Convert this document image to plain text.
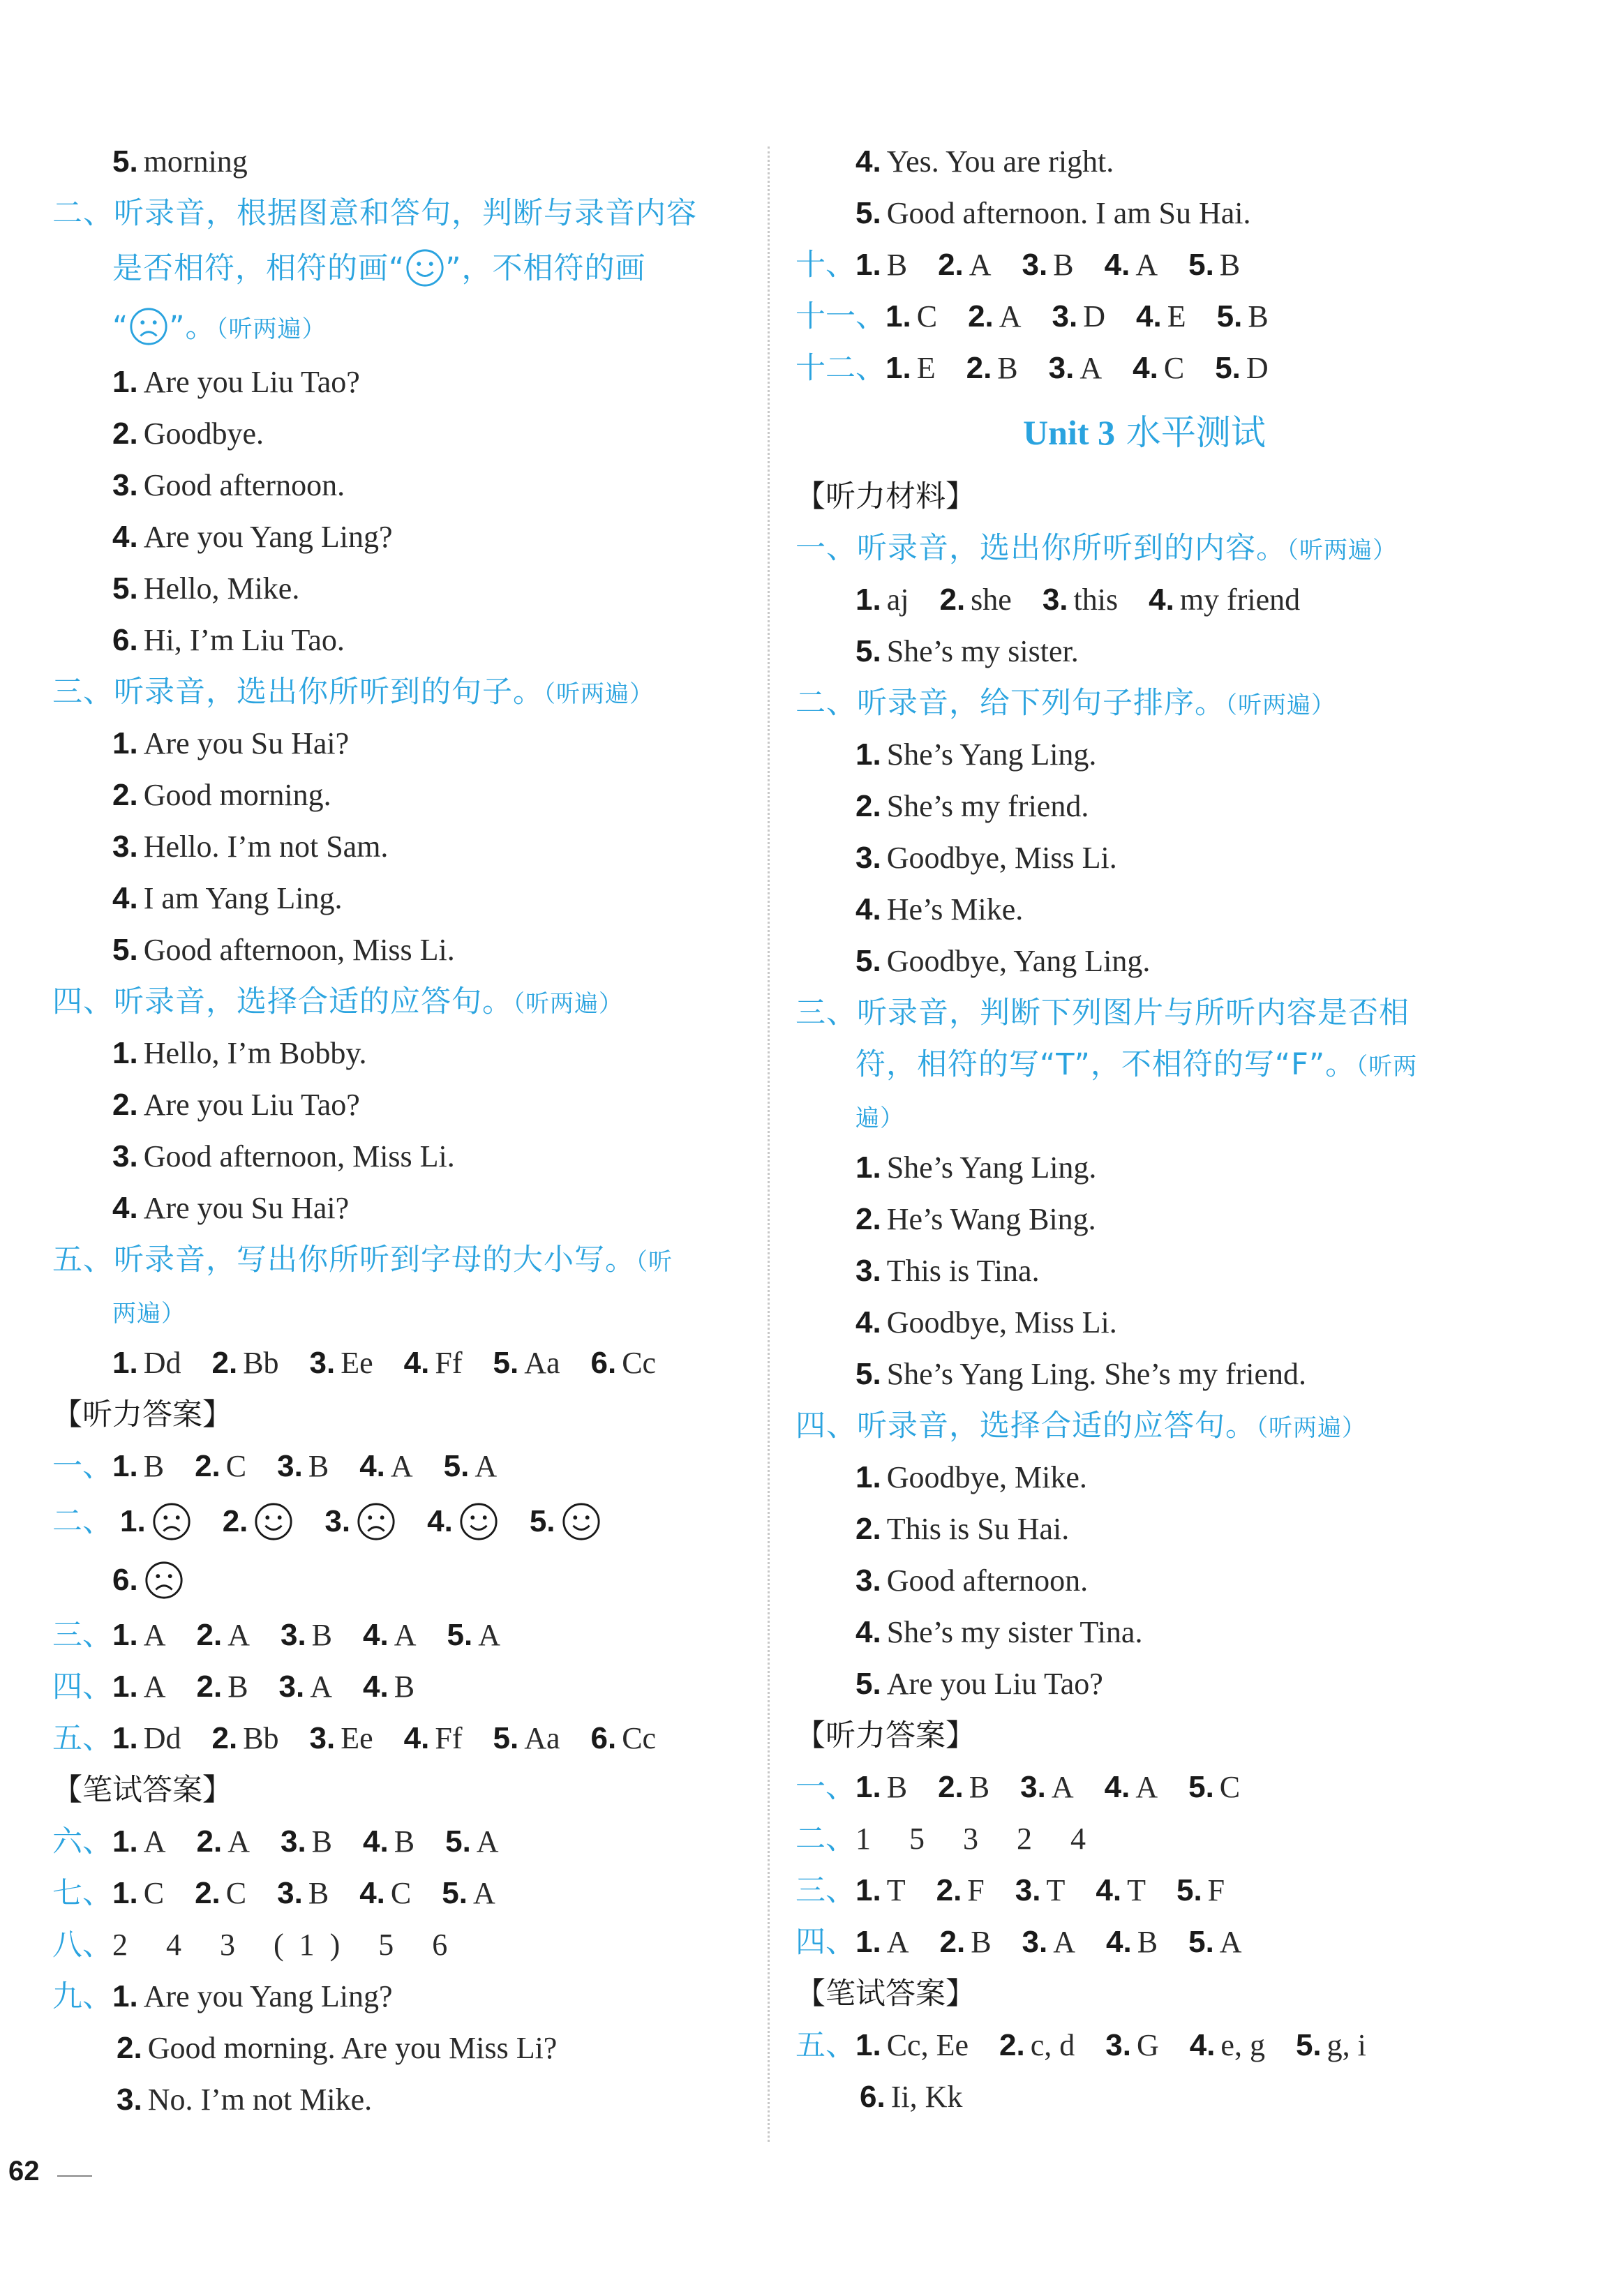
5. morning
二、听录音，根据图意和答句，判断与录音内容
是否相符，相符的画“ ”，不相符的画
“ ”。（听两遍）
1. Are you Liu Tao?
2. Goodbye.
3. Good afternoon.
4. Are you Yang Ling?
5. Hello, Mike.
6. Hi, I’m Liu Tao.
三、听录音，选出你所听到的句子。（听两遍）
1. Are you Su Hai?
2. Good morning.
3. Hello. I’m not Sam.
4. I am Yang Ling.
5. Good afternoon, Miss Li.
四、听录音，选择合适的应答句。（听两遍）
1. Hello, I’m Bobby.
2. Are you Liu Tao?
3. Good afternoon, Miss Li.
4. Are you Su Hai?
五、听录音，写出你所听到字母的大小写。（听
两遍）
1. Dd 2. Bb 3. Ee 4. Ff 5. Aa 6. Cc
【听力答案】
一、1. B 2. C 3. B 4. A 5. A
二、 1.	2.	3.	4.	5.
6.
三、1. A 2. A 3. B 4. A 5. A
四、1. A 2. B 3. A 4. B
五、1. Dd 2. Bb 3. Ee 4. Ff 5. Aa 6. Cc
【笔试答案】
六、1. A 2. A 3. B 4. B 5. A
七、1. C 2. C 3. B 4. C 5. A
八、2 4 3 (1) 5 6
九、1. Are you Yang Ling?
2. Good morning. Are you Miss Li?
3. No. I’m not Mike.
4. Yes. You are right.
5. Good afternoon. I am Su Hai.
十、1. B 2. A 3. B 4. A 5. B
十一、1. C 2. A 3. D 4. E 5. B
十二、1. E 2. B 3. A 4. C 5. D
Unit 3 水平测试
【听力材料】
一、听录音，选出你所听到的内容。（听两遍）
1. aj 2. she 3. this 4. my friend
5. She’s my sister.
二、听录音，给下列句子排序。（听两遍）
1. She’s Yang Ling.
2. She’s my friend.
3. Goodbye, Miss Li.
4. He’s Mike.
5. Goodbye, Yang Ling.
三、听录音，判断下列图片与所听内容是否相
符，相符的写“T”，不相符的写“F”。（听两
遍）
1. She’s Yang Ling.
2. He’s Wang Bing.
3. This is Tina.
4. Goodbye, Miss Li.
5. She’s Yang Ling. She’s my friend.
四、听录音，选择合适的应答句。（听两遍）
1. Goodbye, Mike.
2. This is Su Hai.
3. Good afternoon.
4. She’s my sister Tina.
5. Are you Liu Tao?
【听力答案】
一、1. B 2. B 3. A 4. A 5. C
二、1 5 3 2 4
三、1. T 2. F 3. T 4. T 5. F
四、1. A 2. B 3. A 4. B 5. A
【笔试答案】
五、1. Cc, Ee 2. c, d 3. G 4. e, g 5. g, i
6. Ii, Kk
62
